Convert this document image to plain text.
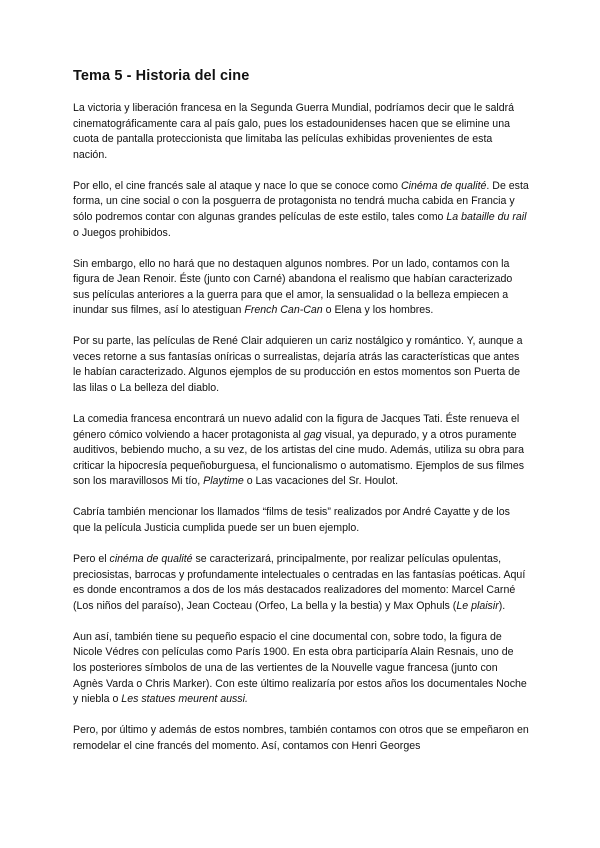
Tema 5 - Historia del cine

La victoria y liberación francesa en la Segunda Guerra Mundial, podríamos decir que le saldrá cinematográficamente cara al país galo, pues los estadounidenses hacen que se elimine una cuota de pantalla proteccionista que limitaba las películas exhibidas provenientes de esta nación.

Por ello, el cine francés sale al ataque y nace lo que se conoce como Cinéma de qualité. De esta forma, un cine social o con la posguerra de protagonista no tendrá mucha cabida en Francia y sólo podremos contar con algunas grandes películas de este estilo, tales como La bataille du rail o Juegos prohibidos.

Sin embargo, ello no hará que no destaquen algunos nombres. Por un lado, contamos con la figura de Jean Renoir. Éste (junto con Carné) abandona el realismo que habían caracterizado sus películas anteriores a la guerra para que el amor, la sensualidad o la belleza empiecen a inundar sus filmes, así lo atestiguan French Can-Can o Elena y los hombres.

Por su parte, las películas de René Clair adquieren un cariz nostálgico y romántico. Y, aunque a veces retorne a sus fantasías oníricas o surrealistas, dejaría atrás las características que antes le habían caracterizado. Algunos ejemplos de su producción en estos momentos son Puerta de las lilas o La belleza del diablo.

La comedia francesa encontrará un nuevo adalid con la figura de Jacques Tati. Éste renueva el género cómico volviendo a hacer protagonista al gag visual, ya depurado, y a otros puramente auditivos, bebiendo mucho, a su vez, de los artistas del cine mudo. Además, utiliza su obra para criticar la hipocresía pequeñoburguesa, el funcionalismo o automatismo. Ejemplos de sus filmes son los maravillosos Mi tío, Playtime o Las vacaciones del Sr. Houlot.

Cabría también mencionar los llamados “films de tesis” realizados por André Cayatte y de los que la película Justicia cumplida puede ser un buen ejemplo.

Pero el cinéma de qualité se caracterizará, principalmente, por realizar películas opulentas, preciosistas, barrocas y profundamente intelectuales o centradas en las fantasías poéticas. Aquí es donde encontramos a dos de los más destacados realizadores del momento: Marcel Carné (Los niños del paraíso), Jean Cocteau (Orfeo, La bella y la bestia) y Max Ophuls (Le plaisir).

Aun así, también tiene su pequeño espacio el cine documental con, sobre todo, la figura de Nicole Védres con películas como París 1900. En esta obra participaría Alain Resnais, uno de los posteriores símbolos de una de las vertientes de la Nouvelle vague francesa (junto con Agnès Varda o Chris Marker). Con este último realizaría por estos años los documentales Noche y niebla o Les statues meurent aussi.

Pero, por último y además de estos nombres, también contamos con otros que se empeñaron en remodelar el cine francés del momento. Así, contamos con Henri Georges
